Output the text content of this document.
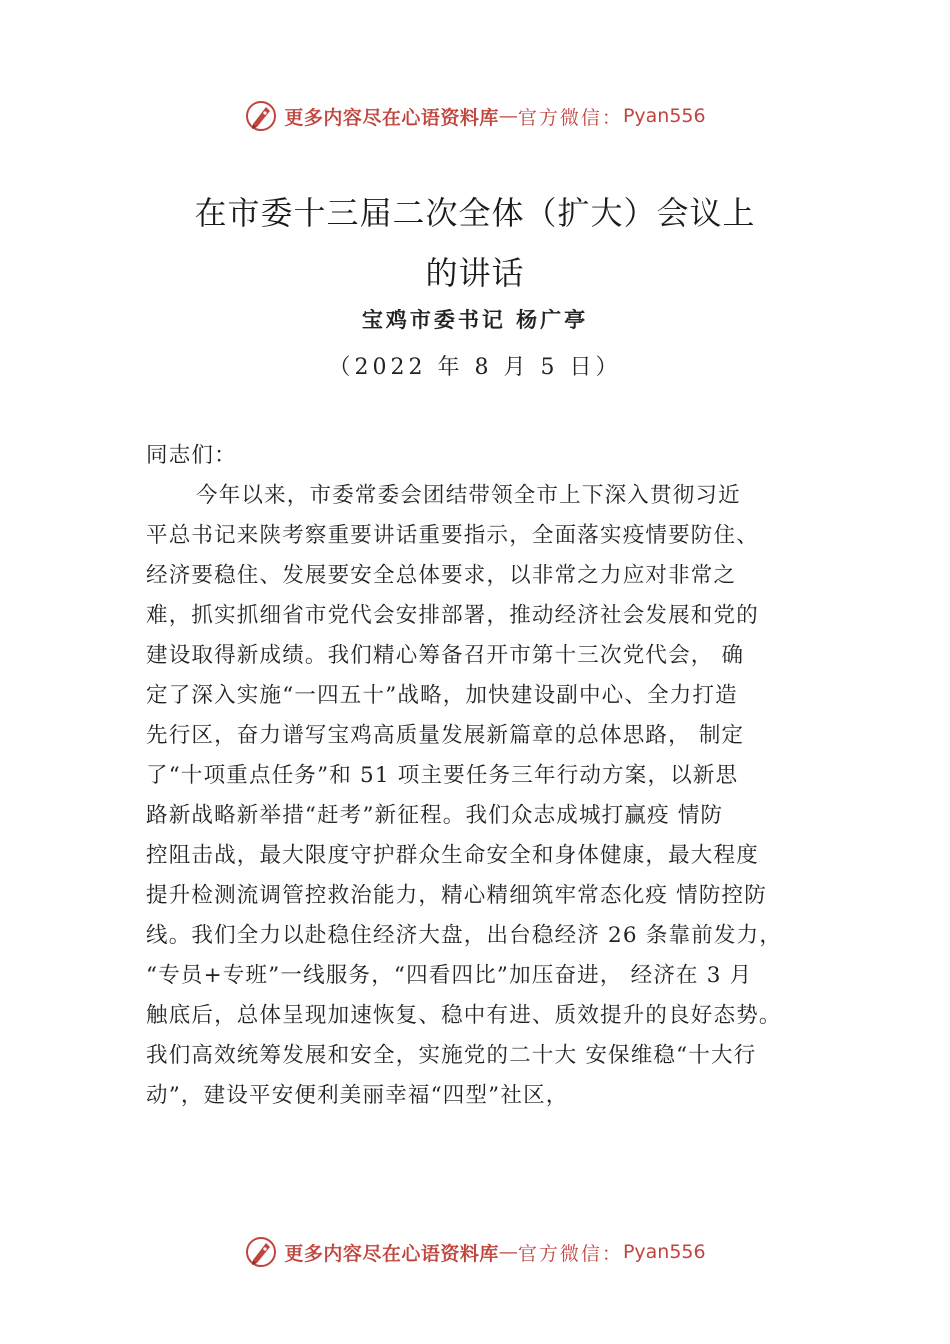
更多内容尽在心语资料库 — 官方微信： Pyan556
在市委十三届二次全体（扩大）会议上
的讲话
宝鸡市委书记 杨广亭
（2022 年 8 月 5 日）
同志们：
今年以来，市委常委会团结带领全市上下深入贯彻习近
平总书记来陕考察重要讲话重要指示，全面落实疫情要防住、
经济要稳住、发展要安全总体要求，以非常之力应对非常之
难，抓实抓细省市党代会安排部署，推动经济社会发展和党的
建设取得新成绩。我们精心筹备召开市第十三次党代会， 确
定了深入实施“一四五十”战略，加快建设副中心、全力打造
先行区，奋力谱写宝鸡高质量发展新篇章的总体思路， 制定
了“十项重点任务”和 51 项主要任务三年行动方案，以新思
路新战略新举措“赶考”新征程。我们众志成城打赢疫 情防
控阻击战，最大限度守护群众生命安全和身体健康，最大程度
提升检测流调管控救治能力，精心精细筑牢常态化疫 情防控防
线。我们全力以赴稳住经济大盘，出台稳经济 26 条靠前发力，
“专员+专班”一线服务，“四看四比”加压奋进， 经济在 3 月
触底后，总体呈现加速恢复、稳中有进、质效提升的良好态势。
我们高效统筹发展和安全，实施党的二十大 安保维稳“十大行
动”，建设平安便利美丽幸福“四型”社区，
更多内容尽在心语资料库 — 官方微信： Pyan556
